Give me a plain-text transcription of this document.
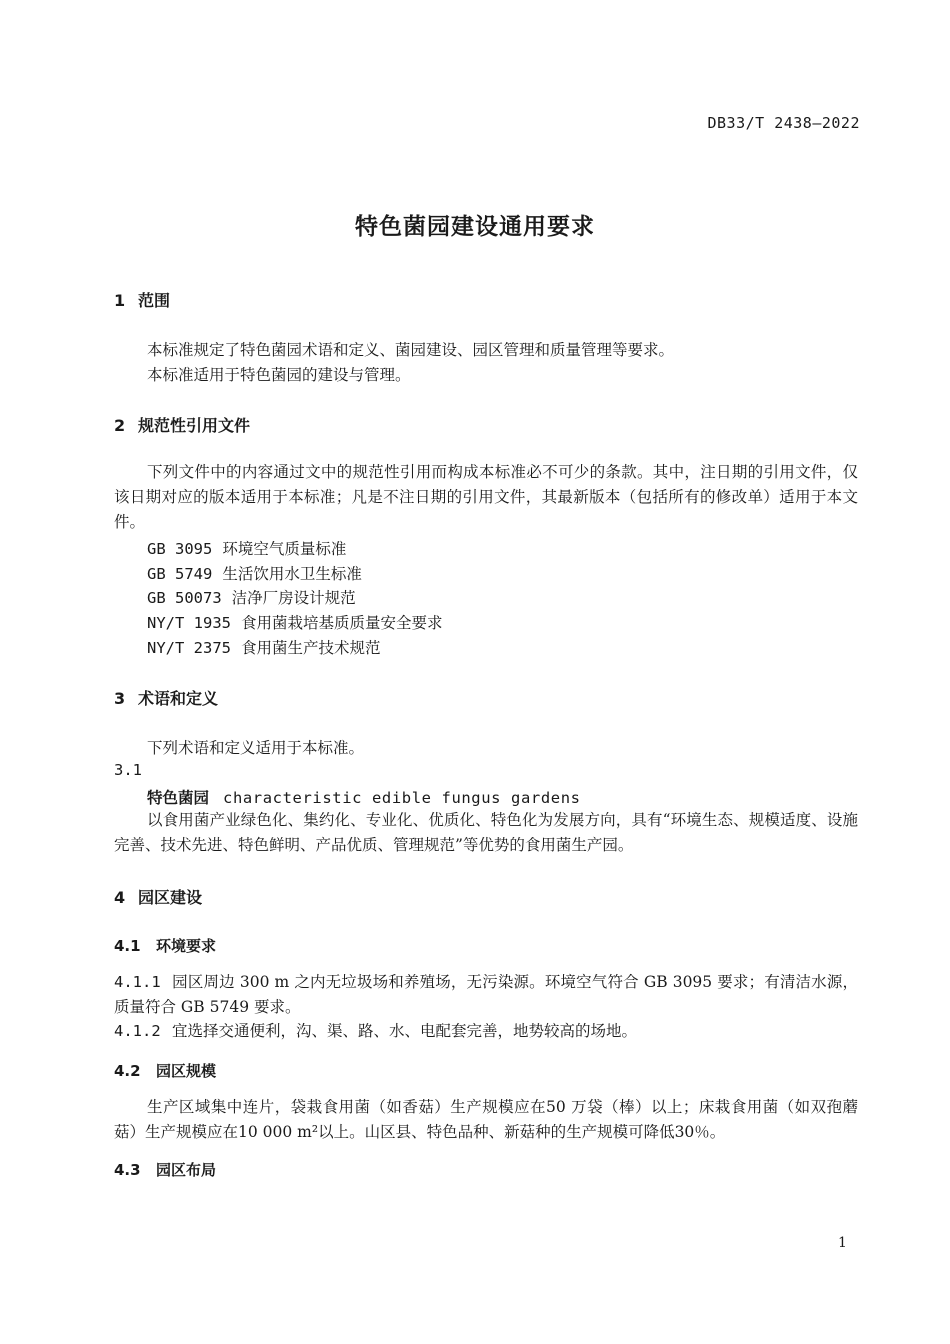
DB33/T 2438—2022
特色菌园建设通用要求
1 范围
本标准规定了特色菌园术语和定义、菌园建设、园区管理和质量管理等要求。
本标准适用于特色菌园的建设与管理。
2 规范性引用文件
下列文件中的内容通过文中的规范性引用而构成本标准必不可少的条款。其中，注日期的引用文件，仅该日期对应的版本适用于本标准；凡是不注日期的引用文件，其最新版本（包括所有的修改单）适用于本文件。
GB 3095 环境空气质量标准
GB 5749 生活饮用水卫生标准
GB 50073 洁净厂房设计规范
NY/T 1935 食用菌栽培基质质量安全要求
NY/T 2375 食用菌生产技术规范
3 术语和定义
下列术语和定义适用于本标准。
3.1
特色菌园 characteristic edible fungus gardens
以食用菌产业绿色化、集约化、专业化、优质化、特色化为发展方向，具有“环境生态、规模适度、设施完善、技术先进、特色鲜明、产品优质、管理规范”等优势的食用菌生产园。
4 园区建设
4.1 环境要求
4.1.1 园区周边 300 m 之内无垃圾场和养殖场，无污染源。环境空气符合 GB 3095 要求；有清洁水源，质量符合 GB 5749 要求。
4.1.2 宜选择交通便利，沟、渠、路、水、电配套完善，地势较高的场地。
4.2 园区规模
生产区域集中连片，袋栽食用菌（如香菇）生产规模应在50 万袋（棒）以上；床栽食用菌（如双孢蘑菇）生产规模应在10 000 m²以上。山区县、特色品种、新菇种的生产规模可降低30％。
4.3 园区布局
1
